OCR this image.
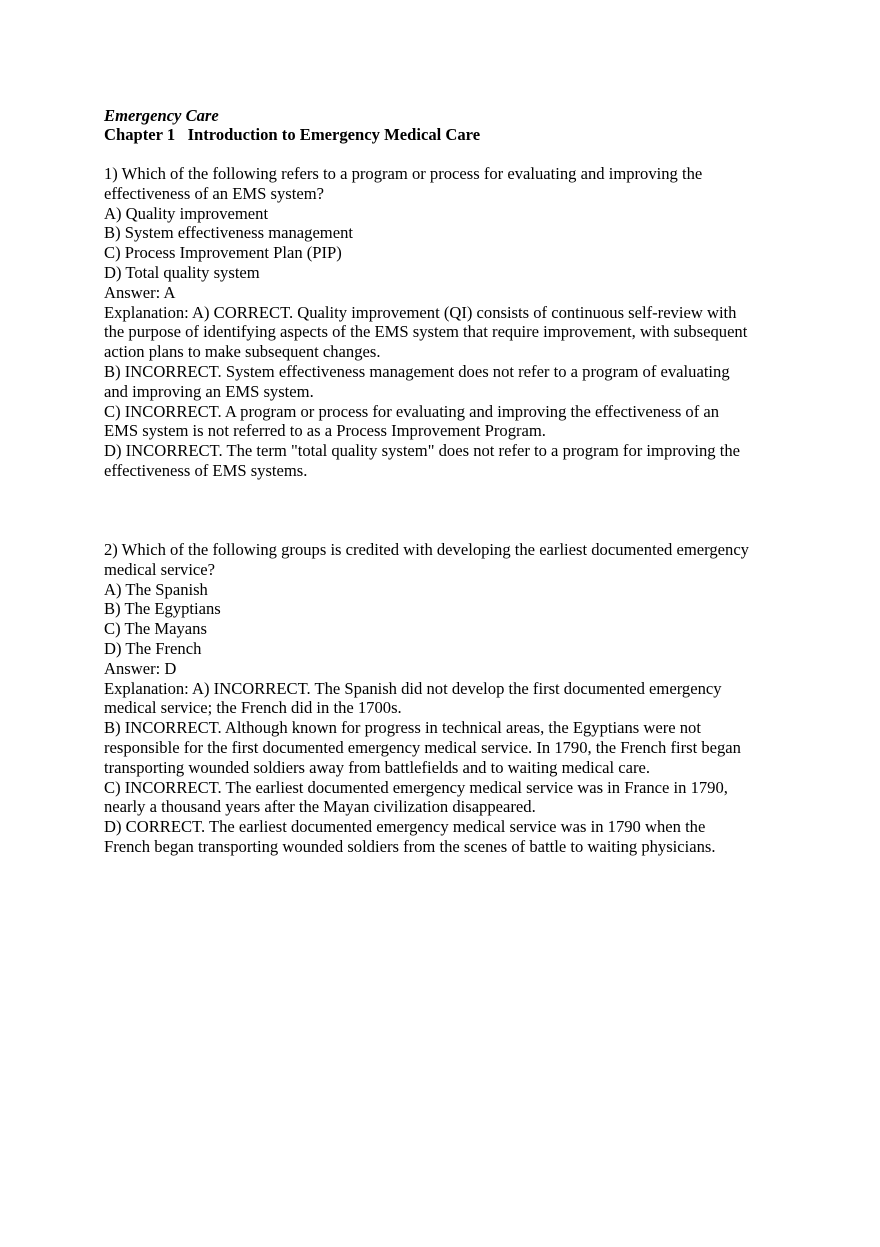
Emergency Care
Chapter 1   Introduction to Emergency Medical Care
1) Which of the following refers to a program or process for evaluating and improving the
effectiveness of an EMS system?
A) Quality improvement
B) System effectiveness management
C) Process Improvement Plan (PIP)
D) Total quality system
Answer: A
Explanation: A) CORRECT. Quality improvement (QI) consists of continuous self-review with
the purpose of identifying aspects of the EMS system that require improvement, with subsequent
action plans to make subsequent changes.
B) INCORRECT. System effectiveness management does not refer to a program of evaluating
and improving an EMS system.
C) INCORRECT. A program or process for evaluating and improving the effectiveness of an
EMS system is not referred to as a Process Improvement Program.
D) INCORRECT. The term "total quality system" does not refer to a program for improving the
effectiveness of EMS systems.
2) Which of the following groups is credited with developing the earliest documented emergency
medical service?
A) The Spanish
B) The Egyptians
C) The Mayans
D) The French
Answer: D
Explanation: A) INCORRECT. The Spanish did not develop the first documented emergency
medical service; the French did in the 1700s.
B) INCORRECT. Although known for progress in technical areas, the Egyptians were not
responsible for the first documented emergency medical service. In 1790, the French first began
transporting wounded soldiers away from battlefields and to waiting medical care.
C) INCORRECT. The earliest documented emergency medical service was in France in 1790,
nearly a thousand years after the Mayan civilization disappeared.
D) CORRECT. The earliest documented emergency medical service was in 1790 when the
French began transporting wounded soldiers from the scenes of battle to waiting physicians.
